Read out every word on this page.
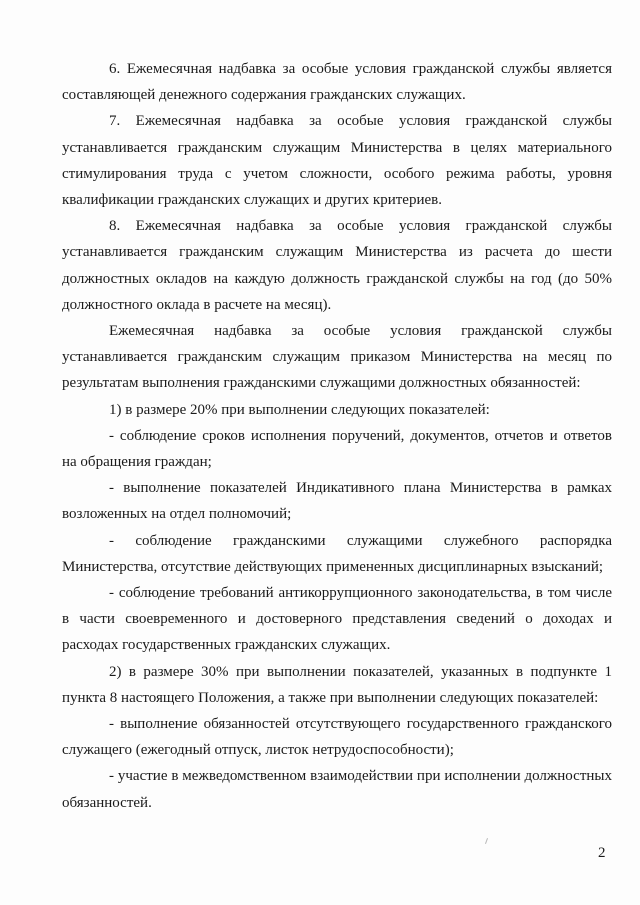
6. Ежемесячная надбавка за особые условия гражданской службы является составляющей денежного содержания гражданских служащих.

7. Ежемесячная надбавка за особые условия гражданской службы устанавливается гражданским служащим Министерства в целях материального стимулирования труда с учетом сложности, особого режима работы, уровня квалификации гражданских служащих и других критериев.

8. Ежемесячная надбавка за особые условия гражданской службы устанавливается гражданским служащим Министерства из расчета до шести должностных окладов на каждую должность гражданской службы на год (до 50% должностного оклада в расчете на месяц).

Ежемесячная надбавка за особые условия гражданской службы устанавливается гражданским служащим приказом Министерства на месяц по результатам выполнения гражданскими служащими должностных обязанностей:

1) в размере 20% при выполнении следующих показателей:

- соблюдение сроков исполнения поручений, документов, отчетов и ответов на обращения граждан;

- выполнение показателей Индикативного плана Министерства в рамках возложенных на отдел полномочий;

- соблюдение гражданскими служащими служебного распорядка Министерства, отсутствие действующих примененных дисциплинарных взысканий;

- соблюдение требований антикоррупционного законодательства, в том числе в части своевременного и достоверного представления сведений о доходах и расходах государственных гражданских служащих.

2) в размере 30% при выполнении показателей, указанных в подпункте 1 пункта 8 настоящего Положения, а также при выполнении следующих показателей:

- выполнение обязанностей отсутствующего государственного гражданского служащего (ежегодный отпуск, листок нетрудоспособности);

- участие в межведомственном взаимодействии при исполнении должностных обязанностей.

2
